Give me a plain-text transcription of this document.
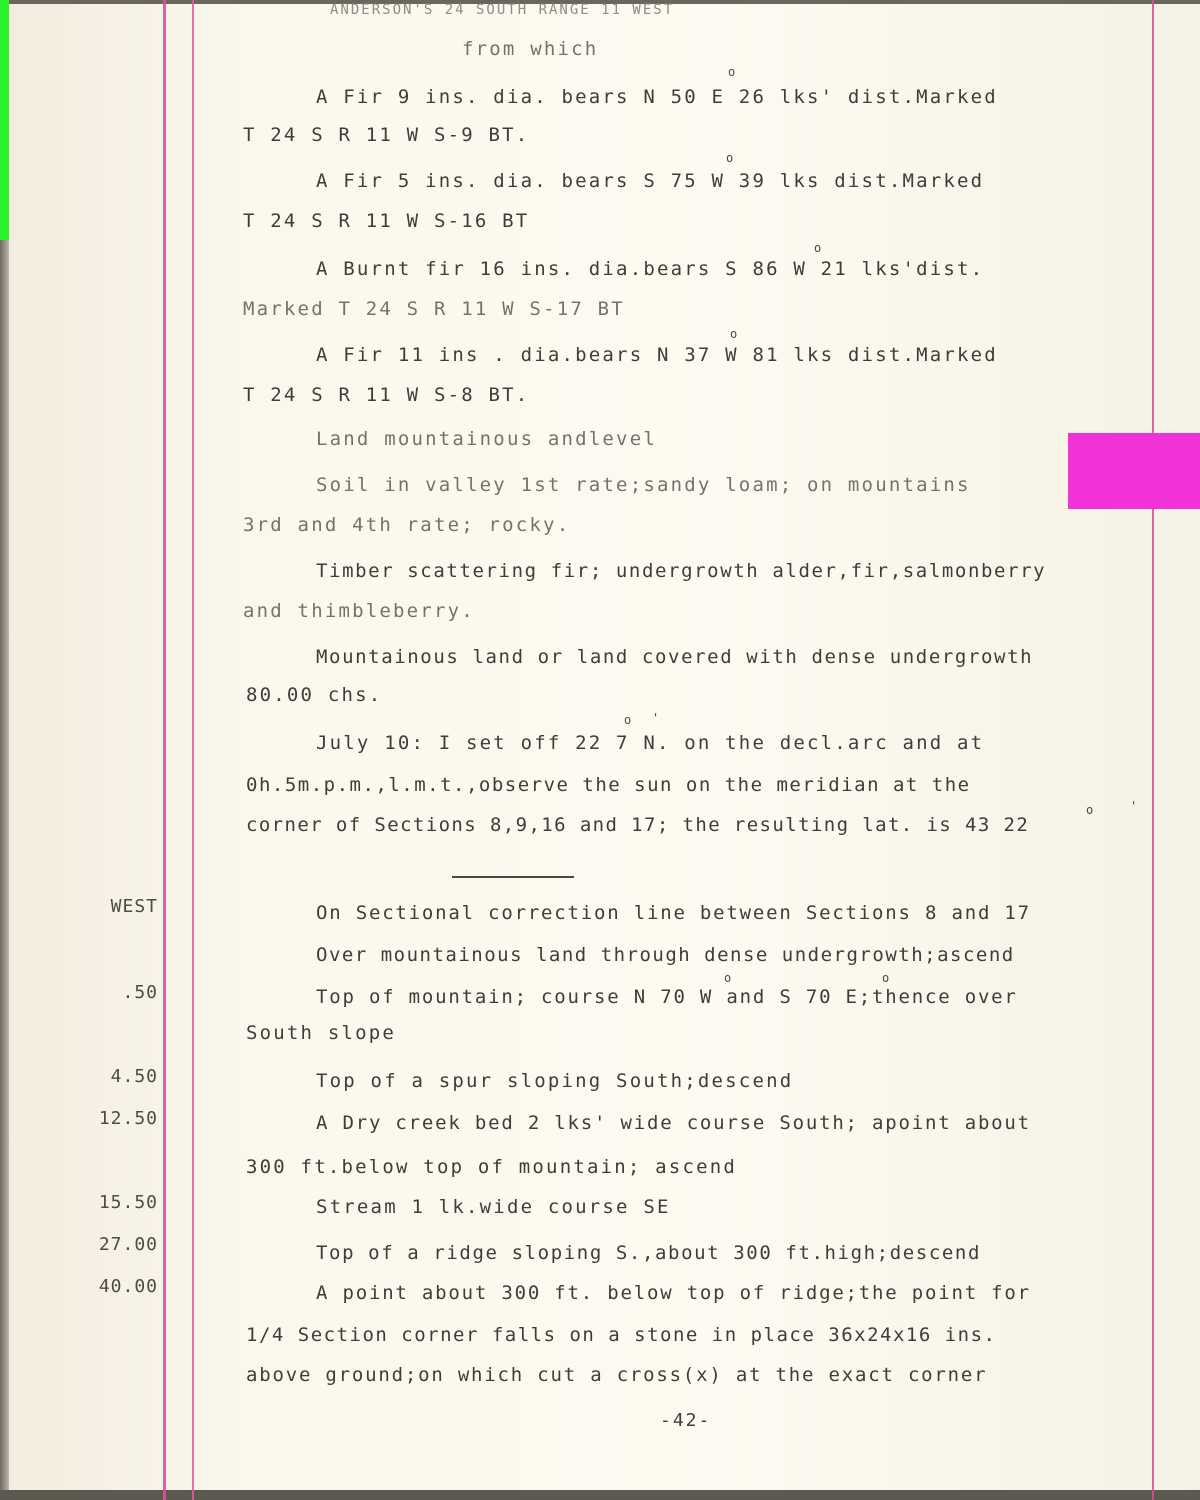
ANDERSON'S 24 SOUTH RANGE 11 WEST
from which
A Fir 9 ins. dia. bears N 50 E 26 lks' dist.Marked
T 24 S R 11 W S-9 BT.
A Fir 5 ins. dia. bears S 75 W 39 lks dist.Marked
T 24 S R 11 W S-16 BT
A Burnt fir 16 ins. dia.bears S 86 W 21 lks'dist.
Marked T 24 S R 11 W S-17 BT
A Fir 11 ins . dia.bears N 37 W 81 lks dist.Marked
T 24 S R 11 W S-8 BT.
Land mountainous andlevel
Soil in valley 1st rate;sandy loam; on mountains
3rd and 4th rate; rocky.
Timber scattering fir; undergrowth alder,fir,salmonberry
and thimbleberry.
Mountainous land or land covered with dense undergrowth
80.00 chs.
July 10: I set off 22 7 N. on the decl.arc and at
0h.5m.p.m.,l.m.t.,observe the sun on the meridian at the
corner of Sections 8,9,16 and 17; the resulting lat. is 43 22
On Sectional correction line between Sections 8 and 17
Over mountainous land through dense undergrowth;ascend
Top of mountain; course N 70 W and S 70 E;thence over
South slope
Top of a spur sloping South;descend
A Dry creek bed 2 lks' wide course South; apoint about
300 ft.below top of mountain; ascend
Stream 1 lk.wide course SE
Top of a ridge sloping S.,about 300 ft.high;descend
A point about 300 ft. below top of ridge;the point for
1/4 Section corner falls on a stone in place 36x24x16 ins.
above ground;on which cut a cross(x) at the exact corner
o
o
o
o
o '
o	'
o	o
WEST
.50
4.50
12.50
15.50
27.00
40.00
-42-
